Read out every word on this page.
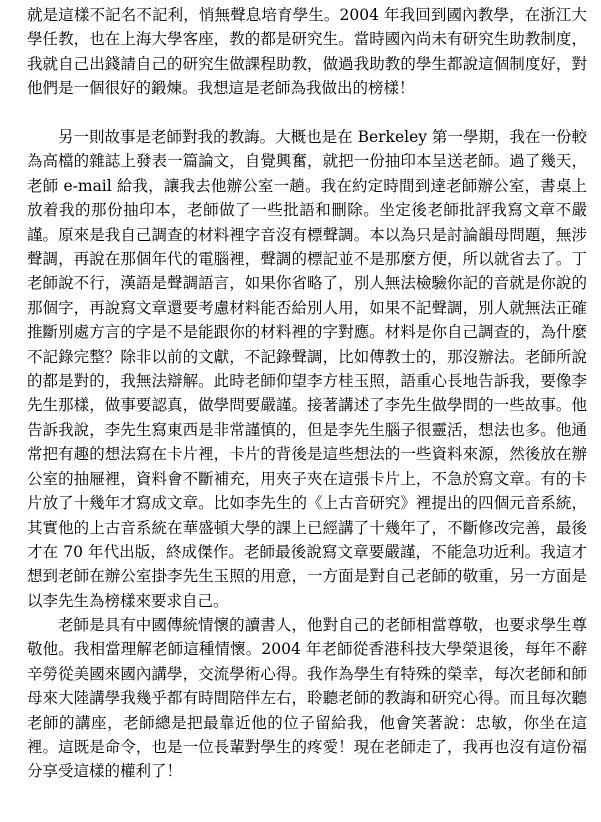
就是這樣不記名不記利，悄無聲息培育學生。2004 年我回到國內教學，在浙江大學任教，也在上海大學客座，教的都是研究生。當時國內尚未有研究生助教制度，我就自己出錢請自己的研究生做課程助教，做過我助教的學生都說這個制度好，對他們是一個很好的鍛煉。我想這是老師為我做出的榜樣！

另一則故事是老師對我的教誨。大概也是在 Berkeley 第一學期，我在一份較為高檔的雜誌上發表一篇論文，自覺興奮，就把一份抽印本呈送老師。過了幾天，老師 e-mail 給我，讓我去他辦公室一趟。我在約定時間到達老師辦公室，書桌上放着我的那份抽印本，老師做了一些批語和刪除。坐定後老師批評我寫文章不嚴謹。原來是我自己調查的材料裡字音沒有標聲調。本以為只是討論韻母問題，無涉聲調，再說在那個年代的電腦裡，聲調的標記並不是那麼方便，所以就省去了。丁老師說不行，漢語是聲調語言，如果你省略了，別人無法檢驗你記的音就是你說的那個字，再說寫文章還要考慮材料能否給別人用，如果不記聲調，別人就無法正確推斷別處方言的字是不是能跟你的材料裡的字對應。材料是你自己調查的，為什麼不記錄完整？除非以前的文獻，不記錄聲調，比如傳教士的，那沒辦法。老師所說的都是對的，我無法辯解。此時老師仰望李方桂玉照，語重心長地告訴我，要像李先生那樣，做事要認真，做學問要嚴謹。接著講述了李先生做學問的一些故事。他告訴我說，李先生寫東西是非常謹慎的，但是李先生腦子很靈活，想法也多。他通常把有趣的想法寫在卡片裡，卡片的背後是這些想法的一些資料來源，然後放在辦公室的抽屜裡，資料會不斷補充，用夾子夾在這張卡片上，不急於寫文章。有的卡片放了十幾年才寫成文章。比如李先生的《上古音研究》裡提出的四個元音系統，其實他的上古音系統在華盛頓大學的課上已經講了十幾年了，不斷修改完善，最後才在 70 年代出版，終成傑作。老師最後說寫文章要嚴謹，不能急功近利。我這才想到老師在辦公室掛李先生玉照的用意，一方面是對自己老師的敬重，另一方面是以李先生為榜樣來要求自己。

老師是具有中國傳統情懷的讀書人，他對自己的老師相當尊敬，也要求學生尊敬他。我相當理解老師這種情懷。2004 年老師從香港科技大學榮退後，每年不辭辛勞從美國來國內講學，交流學術心得。我作為學生有特殊的榮幸，每次老師和師母來大陸講學我幾乎都有時間陪伴左右，聆聽老師的教誨和研究心得。而且每次聽老師的講座，老師總是把最靠近他的位子留給我，他會笑著說：忠敏，你坐在這裡。這既是命令，也是一位長輩對學生的疼愛！現在老師走了，我再也沒有這份福分享受這樣的權利了！
